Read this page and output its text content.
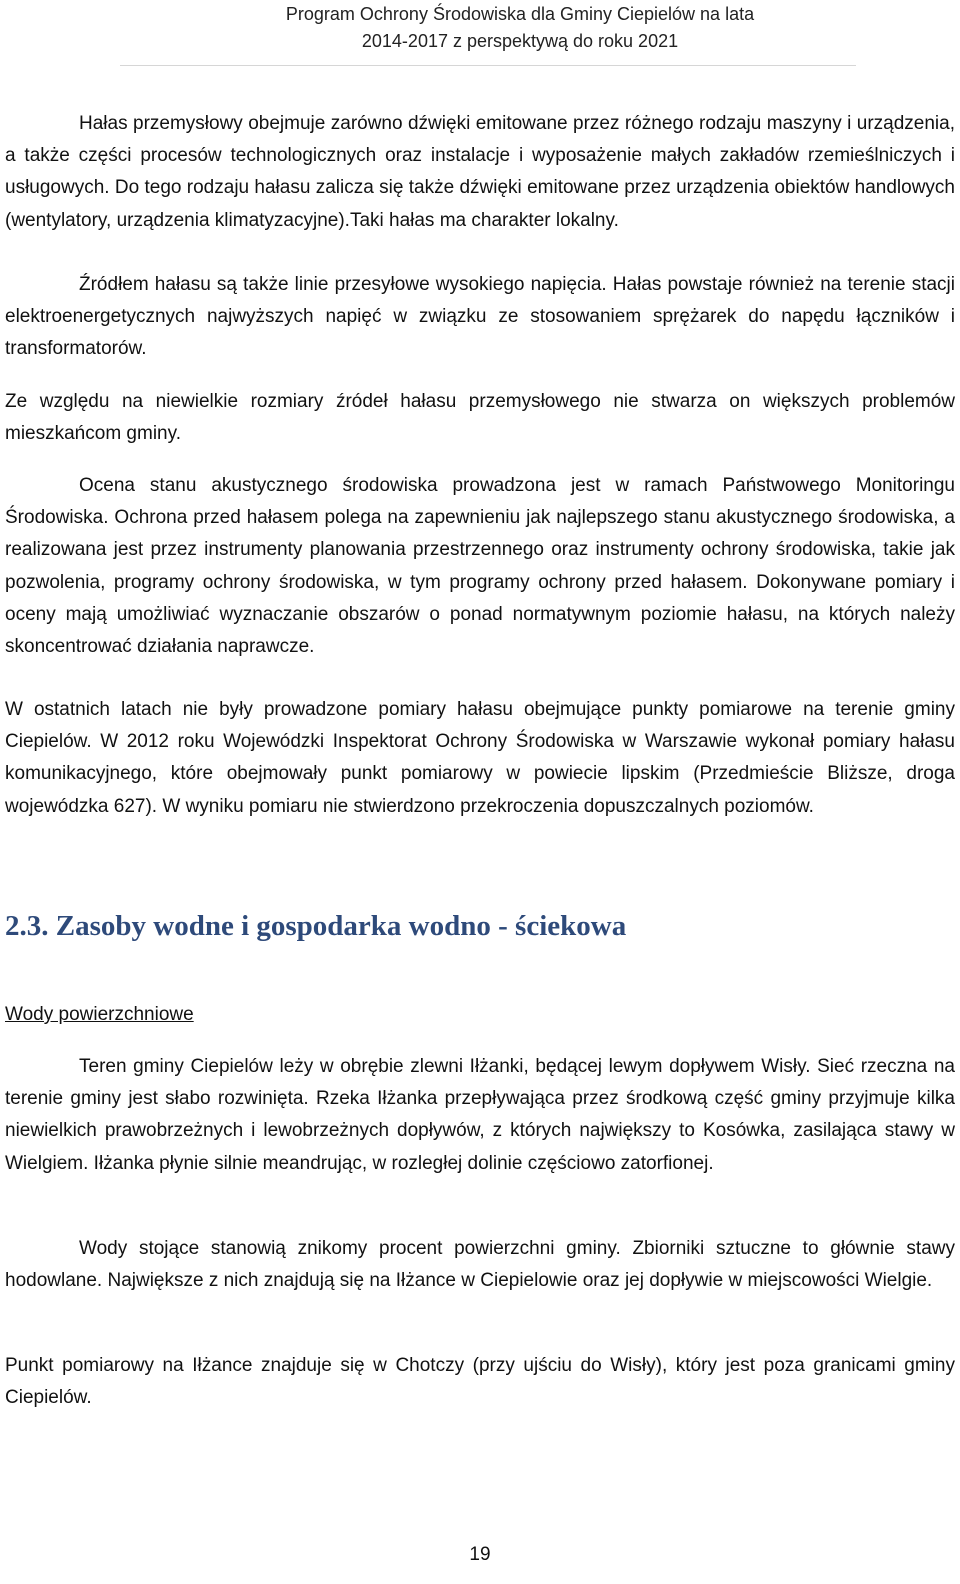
Program Ochrony Środowiska dla Gminy Ciepielów na lata
2014-2017 z perspektywą do roku 2021

Hałas przemysłowy obejmuje zarówno dźwięki emitowane przez różnego rodzaju maszyny i urządzenia, a także części procesów technologicznych oraz instalacje i wyposażenie małych zakładów rzemieślniczych i usługowych. Do tego rodzaju hałasu zalicza się także dźwięki emitowane przez urządzenia obiektów handlowych (wentylatory, urządzenia klimatyzacyjne).Taki hałas ma charakter lokalny.

Źródłem hałasu są także linie przesyłowe wysokiego napięcia. Hałas powstaje również na terenie stacji elektroenergetycznych najwyższych napięć w związku ze stosowaniem sprężarek do napędu łączników i transformatorów.

Ze względu na niewielkie rozmiary źródeł hałasu przemysłowego nie stwarza on większych problemów mieszkańcom gminy.

Ocena stanu akustycznego środowiska prowadzona jest w ramach Państwowego Monitoringu Środowiska. Ochrona przed hałasem polega na zapewnieniu jak najlepszego stanu akustycznego środowiska, a realizowana jest przez instrumenty planowania przestrzennego oraz instrumenty ochrony środowiska, takie jak pozwolenia, programy ochrony środowiska, w tym programy ochrony przed hałasem. Dokonywane pomiary i oceny mają umożliwiać wyznaczanie obszarów o ponad normatywnym poziomie hałasu, na których należy skoncentrować działania naprawcze.

W ostatnich latach nie były prowadzone pomiary hałasu obejmujące punkty pomiarowe na terenie gminy Ciepielów. W 2012 roku Wojewódzki Inspektorat Ochrony Środowiska w Warszawie wykonał pomiary hałasu komunikacyjnego, które obejmowały punkt pomiarowy w powiecie lipskim (Przedmieście Bliższe, droga wojewódzka 627). W wyniku pomiaru nie stwierdzono przekroczenia dopuszczalnych poziomów.

2.3. Zasoby wodne i gospodarka wodno - ściekowa

Wody powierzchniowe

Teren gminy Ciepielów leży w obrębie zlewni Iłżanki, będącej lewym dopływem Wisły. Sieć rzeczna na terenie gminy jest słabo rozwinięta. Rzeka Iłżanka przepływająca przez środkową część gminy przyjmuje kilka niewielkich prawobrzeżnych i lewobrzeżnych dopływów, z których największy to Kosówka, zasilająca stawy w Wielgiem. Iłżanka płynie silnie meandrując, w rozległej dolinie częściowo zatorfionej.

Wody stojące stanowią znikomy procent powierzchni gminy. Zbiorniki sztuczne to głównie stawy hodowlane. Największe z nich znajdują się na Iłżance w Ciepielowie oraz jej dopływie w miejscowości Wielgie.

Punkt pomiarowy na Iłżance znajduje się w Chotczy (przy ujściu do Wisły), który jest poza granicami gminy Ciepielów.

19
